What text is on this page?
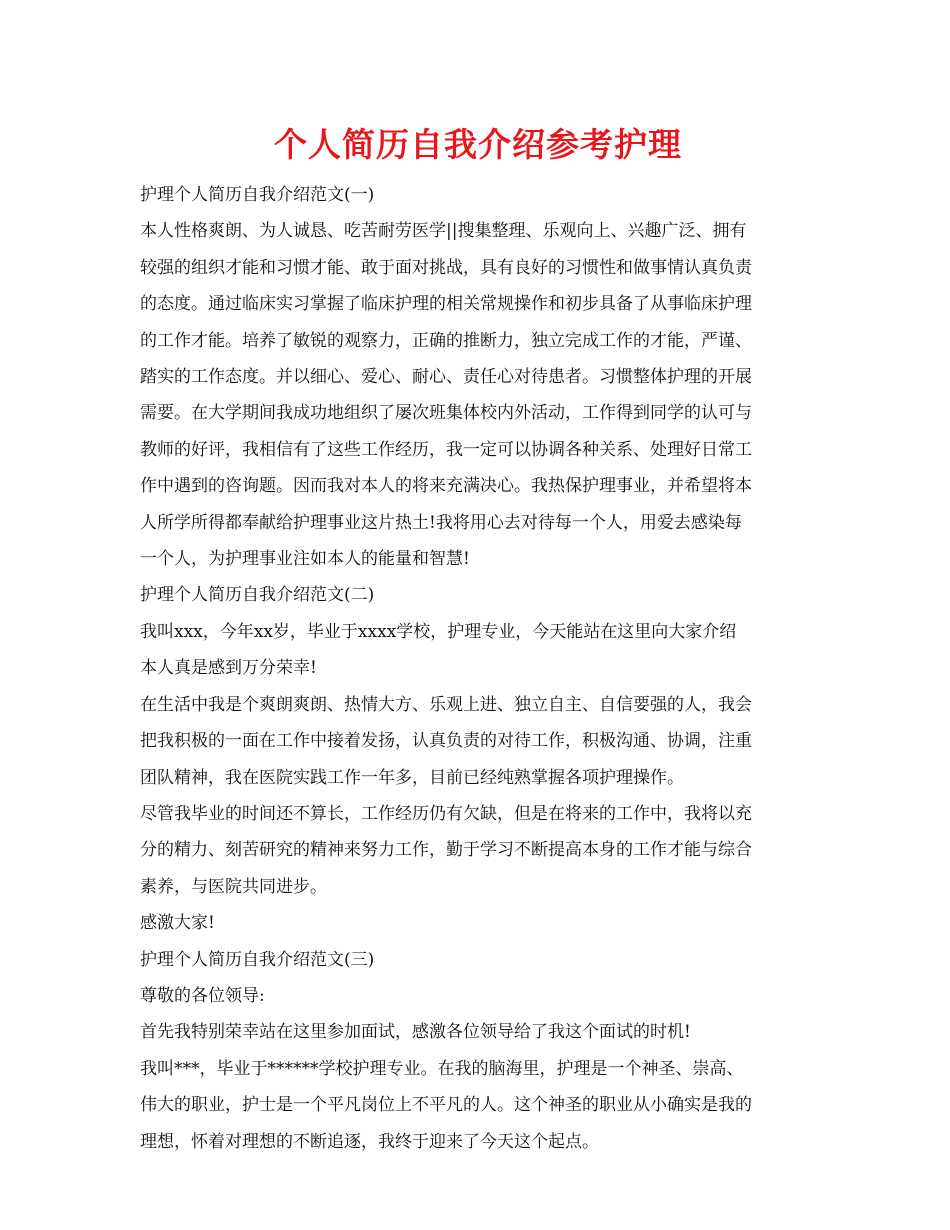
个人简历自我介绍参考护理

护理个人简历自我介绍范文(一)

本人性格爽朗、为人诚恳、吃苦耐劳医学||搜集整理、乐观向上、兴趣广泛、拥有
较强的组织才能和习惯才能、敢于面对挑战，具有良好的习惯性和做事情认真负责
的态度。通过临床实习掌握了临床护理的相关常规操作和初步具备了从事临床护理
的工作才能。培养了敏锐的观察力，正确的推断力，独立完成工作的才能，严谨、
踏实的工作态度。并以细心、爱心、耐心、责任心对待患者。习惯整体护理的开展
需要。在大学期间我成功地组织了屡次班集体校内外活动，工作得到同学的认可与
教师的好评，我相信有了这些工作经历，我一定可以协调各种关系、处理好日常工
作中遇到的咨询题。因而我对本人的将来充满决心。我热保护理事业，并希望将本
人所学所得都奉献给护理事业这片热土!我将用心去对待每一个人，用爱去感染每
一个人，为护理事业注如本人的能量和智慧!

护理个人简历自我介绍范文(二)

我叫xxx，今年xx岁，毕业于xxxx学校，护理专业，今天能站在这里向大家介绍
本人真是感到万分荣幸!

在生活中我是个爽朗爽朗、热情大方、乐观上进、独立自主、自信要强的人，我会
把我积极的一面在工作中接着发扬，认真负责的对待工作，积极沟通、协调，注重
团队精神，我在医院实践工作一年多，目前已经纯熟掌握各项护理操作。

尽管我毕业的时间还不算长，工作经历仍有欠缺，但是在将来的工作中，我将以充
分的精力、刻苦研究的精神来努力工作，勤于学习不断提高本身的工作才能与综合
素养，与医院共同进步。

感激大家!

护理个人简历自我介绍范文(三)

尊敬的各位领导:

首先我特别荣幸站在这里参加面试，感激各位领导给了我这个面试的时机!

我叫***，毕业于******学校护理专业。在我的脑海里，护理是一个神圣、崇高、
伟大的职业，护士是一个平凡岗位上不平凡的人。这个神圣的职业从小确实是我的
理想，怀着对理想的不断追逐，我终于迎来了今天这个起点。
